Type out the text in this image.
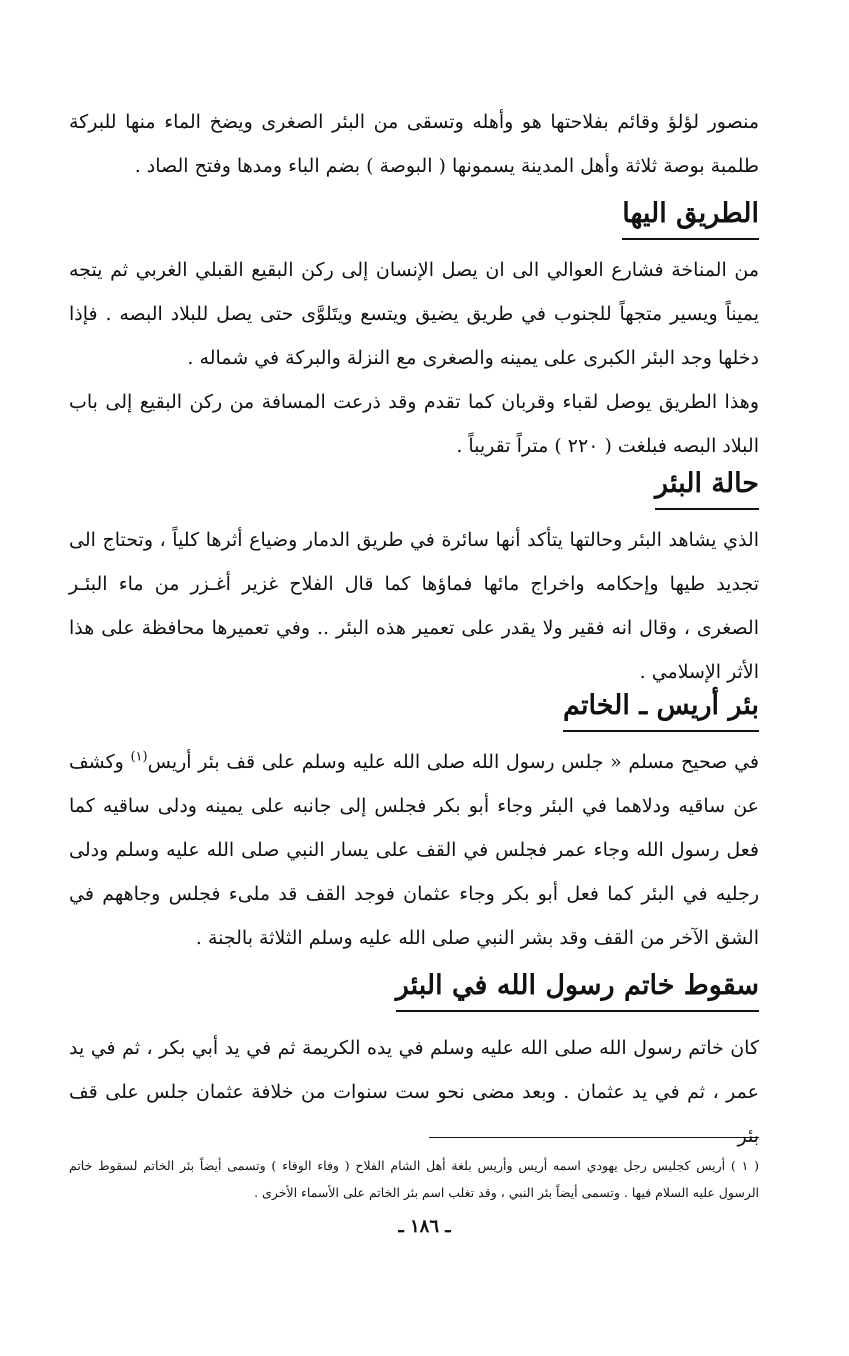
منصور لؤلؤ وقائم بفلاحتها هو وأهله وتسقى من البئر الصغرى ويضخ الماء منها للبركة طلمبة بوصة ثلاثة وأهل المدينة يسمونها ( البوصة ) بضم الباء ومدها وفتح الصاد .

الطريق اليها

من المناخة فشارع العوالي الى ان يصل الإنسان إلى ركن البقيع القبلي الغربي ثم يتجه يميناً ويسير متجهاً للجنوب في طريق يضيق ويتسع ويتَلوَّى حتى يصل للبلاد البصه . فإذا دخلها وجد البئر الكبرى على يمينه والصغرى مع النزلة والبركة في شماله .

وهذا الطريق يوصل لقباء وقربان كما تقدم وقد ذرعت المسافة من ركن البقيع إلى باب البلاد البصه فبلغت ( ٢٢٠ ) متراً تقريباً .

حالة البئر

الذي يشاهد البئر وحالتها يتأكد أنها سائرة في طريق الدمار وضياع أثرها كلياً ، وتحتاج الى تجديد طيها وإحكامه واخراج مائها فماؤها كما قال الفلاح غزير أغـزر من ماء البئـر الصغرى ، وقال انه فقير ولا يقدر على تعمير هذه البئر .. وفي تعميرها محافظة على هذا الأثر الإسلامي .

بئر أريس ـ الخاتم

في صحيح مسلم « جلس رسول الله صلى الله عليه وسلم على قف بئر أريس$^{(١)}$ وكشف عن ساقيه ودلاهما في البئر وجاء أبو بكر فجلس إلى جانبه على يمينه ودلى ساقيه كما فعل رسول الله وجاء عمر فجلس في القف على يسار النبي صلى الله عليه وسلم ودلى رجليه في البئر كما فعل أبو بكر وجاء عثمان فوجد القف قد ملىء فجلس وجاههم في الشق الآخر من القف وقد بشر النبي صلى الله عليه وسلم الثلاثة بالجنة .

سقوط خاتم رسول الله في البئر

كان خاتم رسول الله صلى الله عليه وسلم في يده الكريمة ثم في يد أبي بكر ، ثم في يد عمر ، ثم في يد عثمان . وبعد مضى نحو ست سنوات من خلافة عثمان جلس على قف بئر

( ١ ) أريس كجليس رجل يهودي اسمه أريس وأريس بلغة أهل الشام الفلاح ( وفاء الوفاء ) وتسمى أيضاً بئر الخاتم لسقوط خاتم الرسول عليه السلام فيها . وتسمى أيضاً بئر النبي ، وقد تغلب اسم بئر الخاتم على الأسماء الأخرى .

ـ ١٨٦ ـ
